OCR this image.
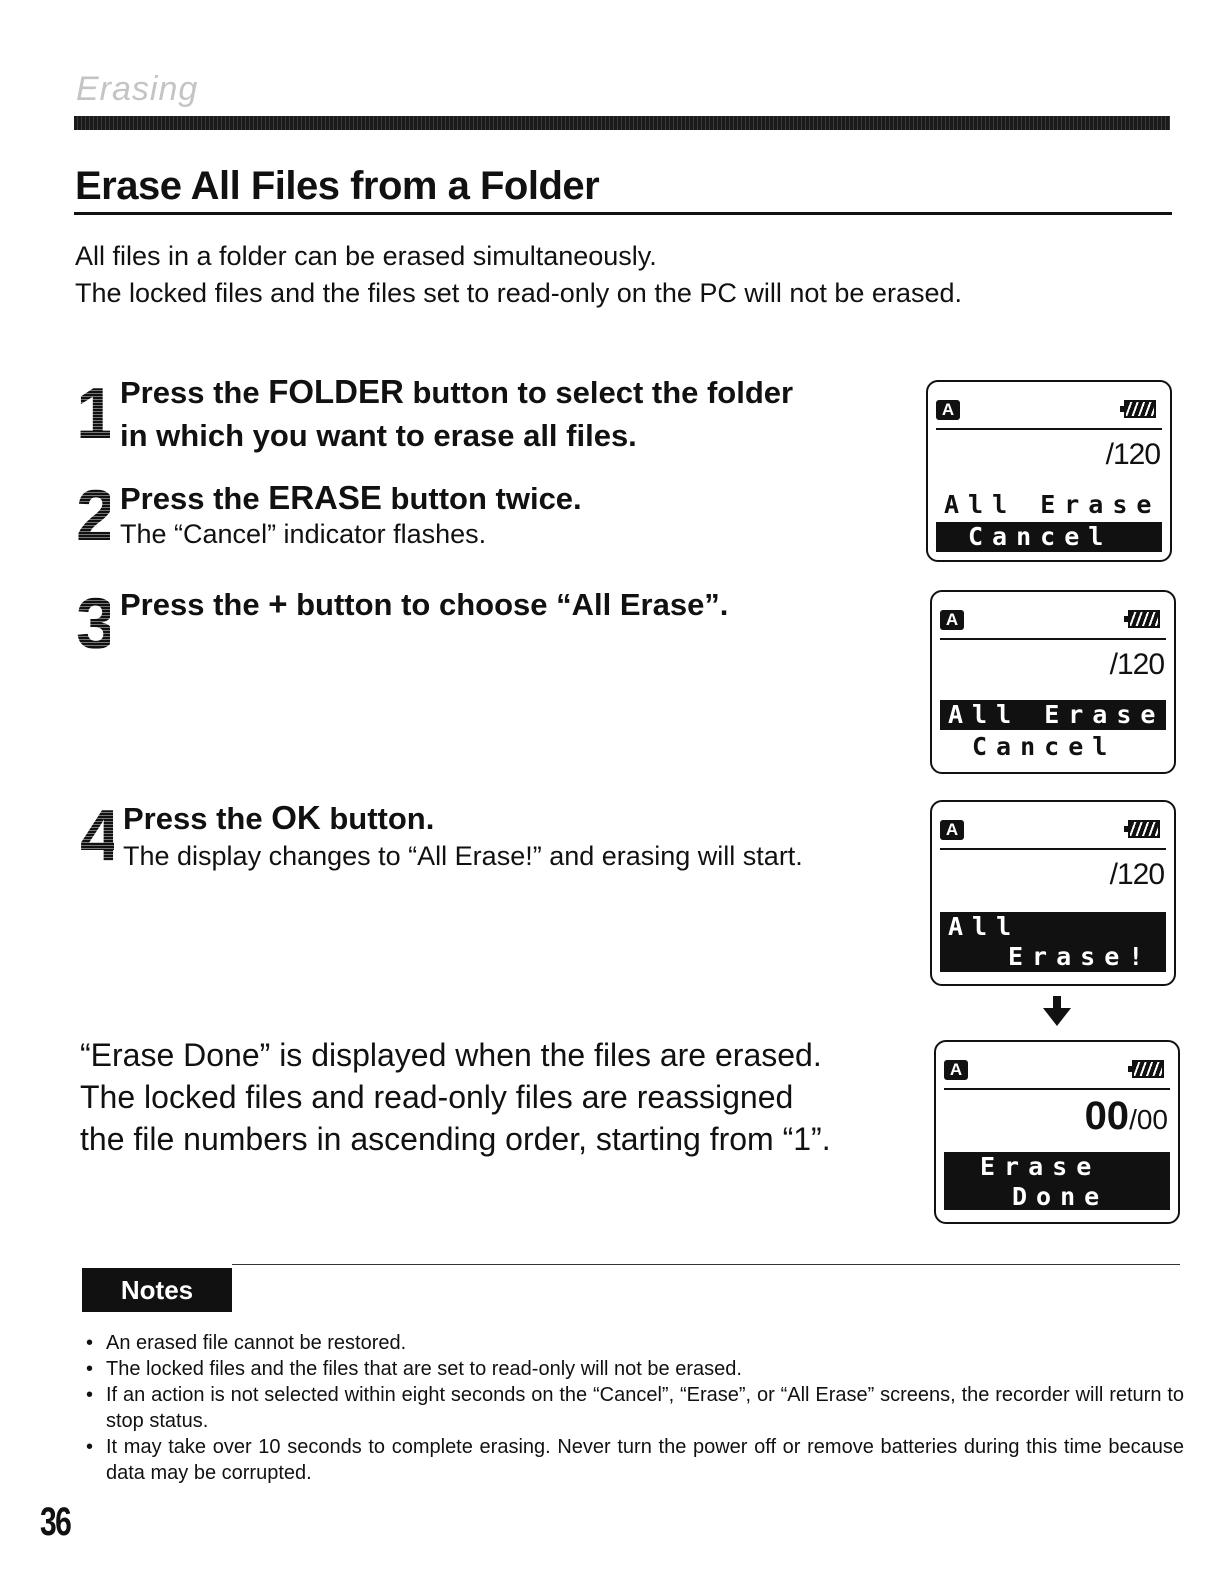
Erasing
Erase All Files from a Folder
All files in a folder can be erased simultaneously.
The locked files and the files set to read-only on the PC will not be erased.
1 Press the FOLDER button to select the folder
in which you want to erase all files.
2 Press the ERASE button twice.
The “Cancel” indicator flashes.
3 Press the + button to choose “All Erase”.
4 Press the OK button.
The display changes to “All Erase!” and erasing will start.
A
/120
All Erase
Cancel
A
/120
All Erase
Cancel
A
/120
All
Erase!
“Erase Done” is displayed when the files are erased.
The locked files and read-only files are reassigned
the file numbers in ascending order, starting from “1”.
A
00/00
Erase
Done
Notes
• An erased file cannot be restored.
• The locked files and the files that are set to read-only will not be erased.
• If an action is not selected within eight seconds on the “Cancel”, “Erase”, or “All Erase” screens, the recorder will return to stop status.
• It may take over 10 seconds to complete erasing. Never turn the power off or remove batteries during this time because data may be corrupted.
36
